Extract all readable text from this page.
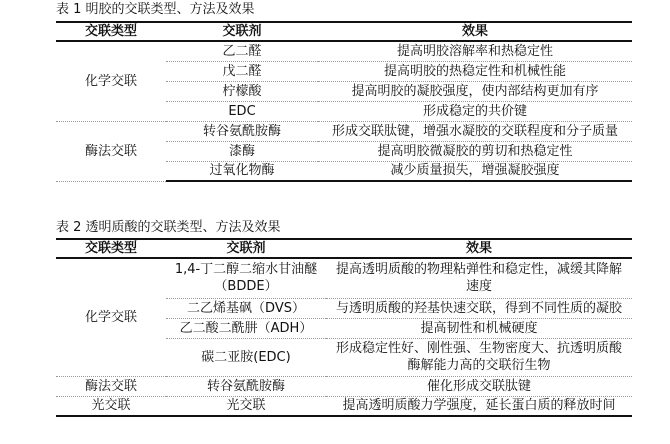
表 1 明胶的交联类型、方法及效果
交联类型	交联剂	效果
化学交联	乙二醛	提高明胶溶解率和热稳定性
	戊二醛	提高明胶的热稳定性和机械性能
	柠檬酸	提高明胶的凝胶强度，使内部结构更加有序
	EDC	形成稳定的共价键
酶法交联	转谷氨酰胺酶	形成交联肽键，增强水凝胶的交联程度和分子质量
	漆酶	提高明胶微凝胶的剪切和热稳定性
	过氧化物酶	减少质量损失，增强凝胶强度
表 2 透明质酸的交联类型、方法及效果
交联类型	交联剂	效果
化学交联	1,4-丁二醇二缩水甘油醚（BDDE）	提高透明质酸的物理粘弹性和稳定性，减缓其降解速度
	二乙烯基砜（DVS）	与透明质酸的羟基快速交联，得到不同性质的凝胶
	乙二酸二酰肼（ADH）	提高韧性和机械硬度
	碳二亚胺(EDC)	形成稳定性好、刚性强、生物密度大、抗透明质酸酶解能力高的交联衍生物
酶法交联	转谷氨酰胺酶	催化形成交联肽键
光交联	光交联	提高透明质酸力学强度，延长蛋白质的释放时间
